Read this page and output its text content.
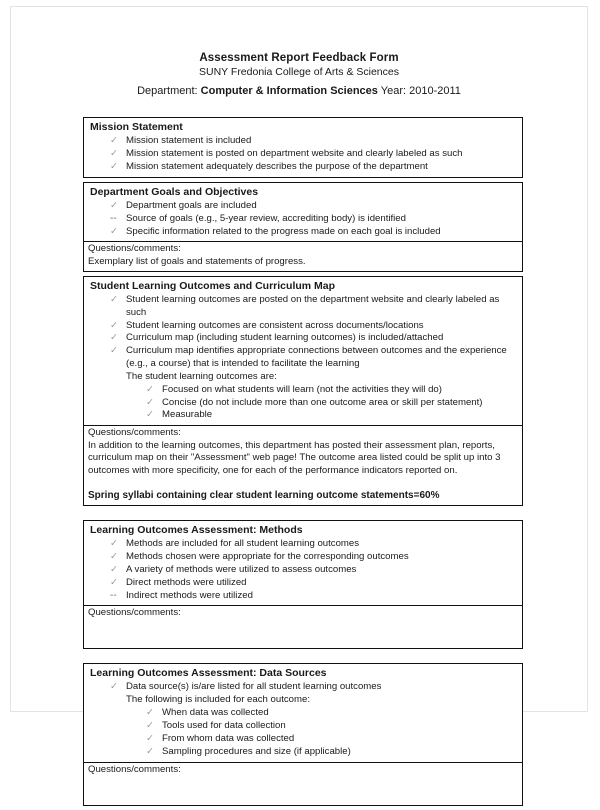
Assessment Report Feedback Form
SUNY Fredonia College of Arts & Sciences
Department: Computer & Information Sciences Year: 2010-2011
Mission Statement
✓ Mission statement is included
✓ Mission statement is posted on department website and clearly labeled as such
✓ Mission statement adequately describes the purpose of the department
Department Goals and Objectives
✓ Department goals are included
-- Source of goals (e.g., 5-year review, accrediting body) is identified
✓ Specific information related to the progress made on each goal is included
Questions/comments:
Exemplary list of goals and statements of progress.
Student Learning Outcomes and Curriculum Map
✓ Student learning outcomes are posted on the department website and clearly labeled as such
✓ Student learning outcomes are consistent across documents/locations
✓ Curriculum map (including student learning outcomes) is included/attached
✓ Curriculum map identifies appropriate connections between outcomes and the experience (e.g., a course) that is intended to facilitate the learning
The student learning outcomes are:
✓ Focused on what students will learn (not the activities they will do)
✓ Concise (do not include more than one outcome area or skill per statement)
✓ Measurable
Questions/comments:
In addition to the learning outcomes, this department has posted their assessment plan, reports, curriculum map on their "Assessment" web page! The outcome area listed could be split up into 3 outcomes with more specificity, one for each of the performance indicators reported on.
Spring syllabi containing clear student learning outcome statements=60%
Learning Outcomes Assessment: Methods
✓ Methods are included for all student learning outcomes
✓ Methods chosen were appropriate for the corresponding outcomes
✓ A variety of methods were utilized to assess outcomes
✓ Direct methods were utilized
-- Indirect methods were utilized
Questions/comments:
Learning Outcomes Assessment: Data Sources
✓ Data source(s) is/are listed for all student learning outcomes
The following is included for each outcome:
✓ When data was collected
✓ Tools used for data collection
✓ From whom data was collected
✓ Sampling procedures and size (if applicable)
Questions/comments:
